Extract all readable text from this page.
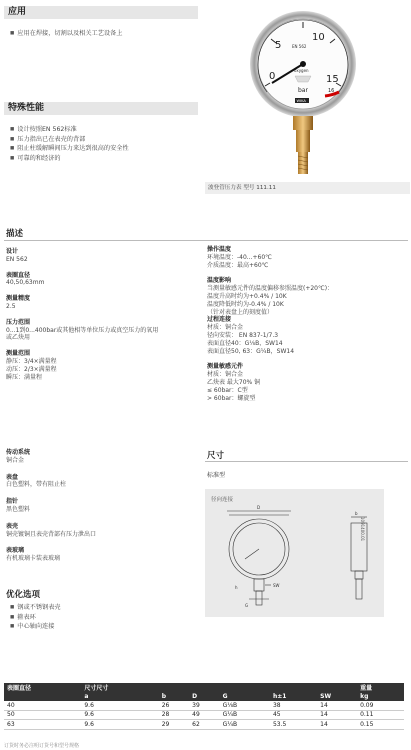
应用
■ 应用在焊接，切割以及相关工艺设备上
特殊性能
■ 设计按照EN 562标准
■ 压力指出已在表壳的背部
■ 阻止柱缓解瞬间压力来达到很高的安全性
■ 可靠的和经济的
0
5
10
15
EN 562
oxygen
bar	16
WIKA
波登管压力表 型号 111.11
描述
设计
EN 562
表圈直径
40,50,63mm
测量精度
2.5
压力范围
0...1到0...400bar或其他相等单位压力或真空压力的氧用
或乙炔用
测量范围
静压：3/4×满量程
动压：2/3×满量程
瞬压：满量程
操作温度
环境温度：-40...+60℃
介质温度：最高+60℃
温度影响
当测量敏感元件的温度偏移参照温度(+20℃)：
温度升高时约为+0.4% / 10K
温度降低时约为-0.4% / 10K
（针对表盘上的刻度值）
过程连接
材质：铜合金
径向安装： EN 837-1/7.3
表面直径40：G⅛B，SW14
表面直径50, 63：G¼B，SW14
测量敏感元件
材质：铜合金
乙炔表 最大70% 铜
≤ 60bar：C型
> 60bar：螺旋型
传动系统
铜合金
表盘
白色塑料，带有阻止柱
指针
黑色塑料
表壳
铜壳镀铜且表壳背部有压力泄出口
表玻璃
有机玻璃卡装表玻璃
尺寸
标准型
径向连接
1091400.01
D
SW
G
h
b
优化选项
■ 钢或不锈钢表壳
■ 箍表环
■ 中心轴向连接
表圈直径	尺寸尺寸						重量
	a	b	D	G	h±1	SW	kg
40	9.6	26	39	G⅛B	38	14	0.09
50	9.6	28	49	G¼B	45	14	0.11
63	9.6	29	62	G¼B	53.5	14	0.15
订货时务必注明订货号和型号规格
